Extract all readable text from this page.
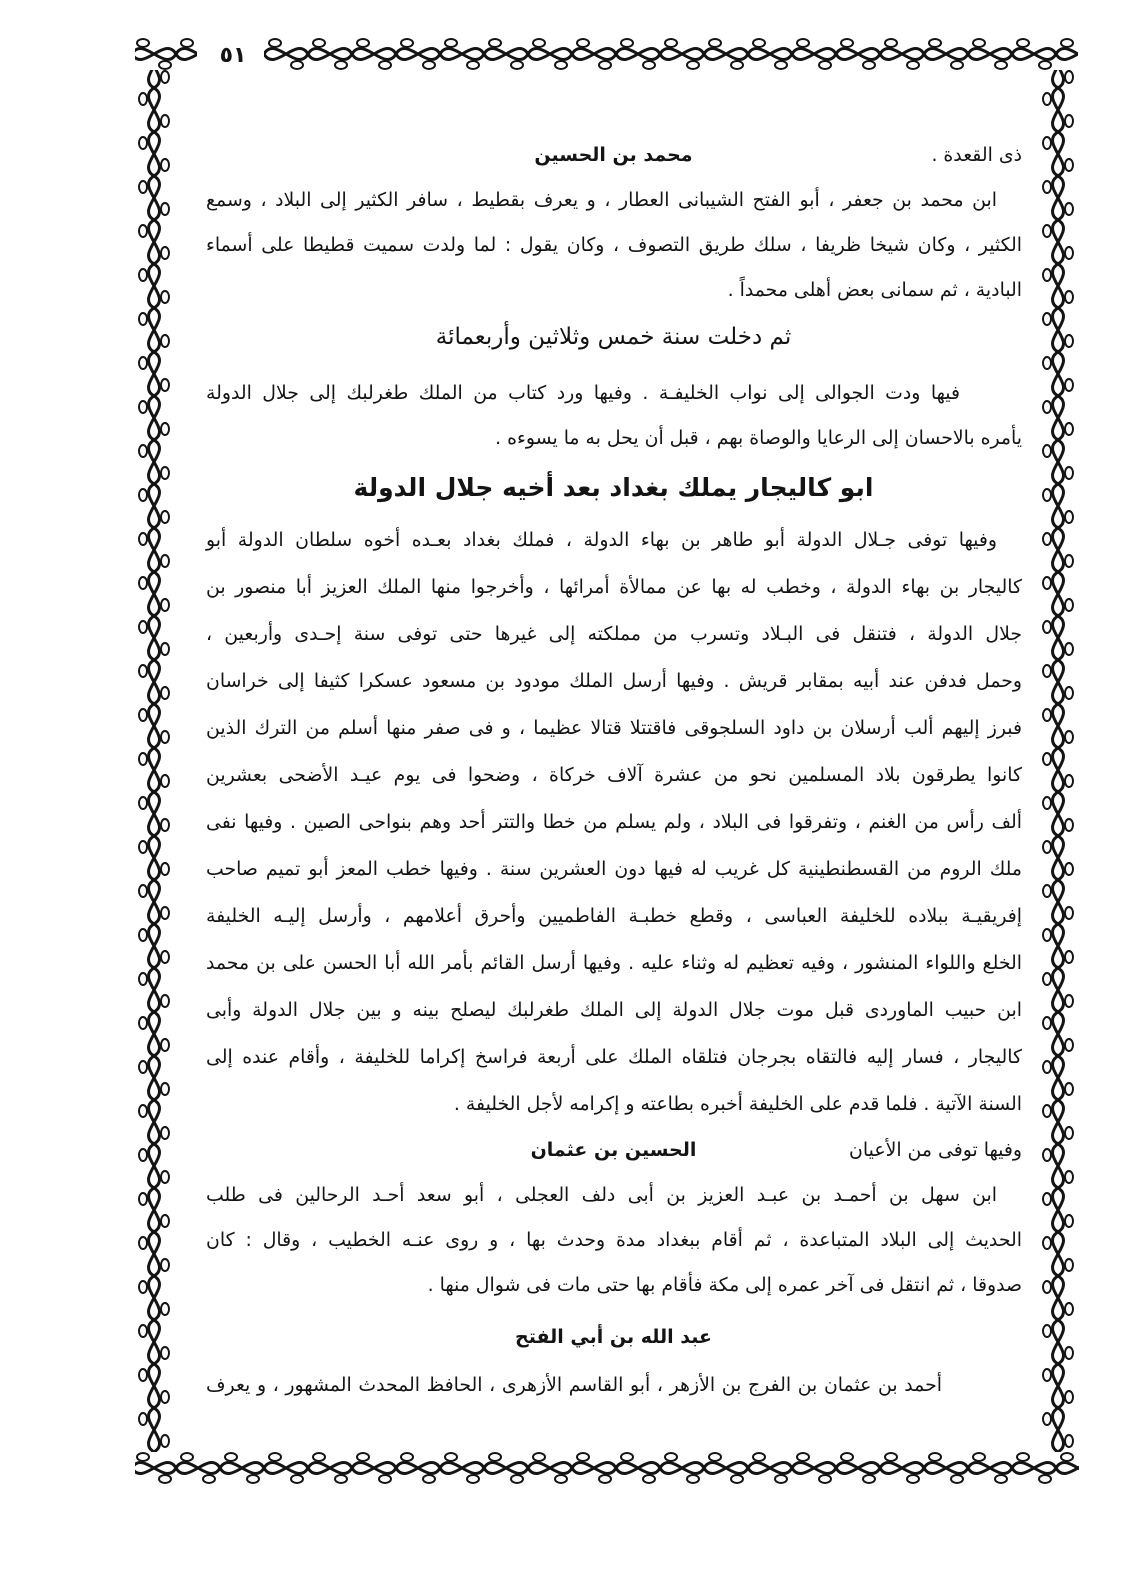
٥١
ذى القعدة .
محمد بن الحسين
ابن محمد بن جعفر ، أبو الفتح الشيبانى العطار ، و يعرف بقطيط ، سافر الكثير إلى البلاد ، وسمع
الكثير ، وكان شيخا ظريفا ، سلك طريق التصوف ، وكان يقول : لما ولدت سميت قطيطا على أسماء
البادية ، ثم سمانى بعض أهلى محمداً .
ثم دخلت سنة خمس وثلاثين وأربعمائة
فيها ودت الجوالى إلى نواب الخليفـة . وفيها ورد كتاب من الملك طغرلبك إلى جلال الدولة
يأمره بالاحسان إلى الرعايا والوصاة بهم ، قبل أن يحل به ما يسوءه .
ابو كاليجار يملك بغداد بعد أخيه جلال الدولة
وفيها توفى جـلال الدولة أبو طاهر بن بهاء الدولة ، فملك بغداد بعـده أخوه سلطان الدولة أبو
كاليجار بن بهاء الدولة ، وخطب له بها عن ممالأة أمرائها ، وأخرجوا منها الملك العزيز أبا منصور بن
جلال الدولة ، فتنقل فى البـلاد وتسرب من مملكته إلى غيرها حتى توفى سنة إحـدى وأربعين ،
وحمل فدفن عند أبيه بمقابر قريش . وفيها أرسل الملك مودود بن مسعود عسكرا كثيفا إلى خراسان
فبرز إليهم ألب أرسلان بن داود السلجوقى فاقتتلا قتالا عظيما ، و فى صفر منها أسلم من الترك الذين
كانوا يطرقون بلاد المسلمين نحو من عشرة آلاف خركاة ، وضحوا فى يوم عيـد الأضحى بعشرين
ألف رأس من الغنم ، وتفرقوا فى البلاد ، ولم يسلم من خطا والتتر أحد وهم بنواحى الصين . وفيها نفى
ملك الروم من القسطنطينية كل غريب له فيها دون العشرين سنة . وفيها خطب المعز أبو تميم صاحب
إفريقيـة ببلاده للخليفة العباسى ، وقطع خطبـة الفاطميين وأحرق أعلامهم ، وأرسل إليـه الخليفة
الخلع واللواء المنشور ، وفيه تعظيم له وثناء عليه . وفيها أرسل القائم بأمر الله أبا الحسن على بن محمد
ابن حبيب الماوردى قبل موت جلال الدولة إلى الملك طغرلبك ليصلح بينه و بين جلال الدولة وأبى
كاليجار ، فسار إليه فالتقاه بجرجان فتلقاه الملك على أربعة فراسخ إكراما للخليفة ، وأقام عنده إلى
السنة الآتية . فلما قدم على الخليفة أخبره بطاعته و إكرامه لأجل الخليفة .
وفيها توفى من الأعيان
الحسين بن عثمان
ابن سهل بن أحمـد بن عبـد العزيز بن أبى دلف العجلى ، أبو سعد أحـد الرحالين فى طلب
الحديث إلى البلاد المتباعدة ، ثم أقام ببغداد مدة وحدث بها ، و روى عنـه الخطيب ، وقال : كان
صدوقا ، ثم انتقل فى آخر عمره إلى مكة فأقام بها حتى مات فى شوال منها .
عبد الله بن أبي الفتح
أحمد بن عثمان بن الفرج بن الأزهر ، أبو القاسم الأزهرى ، الحافظ المحدث المشهور ، و يعرف
